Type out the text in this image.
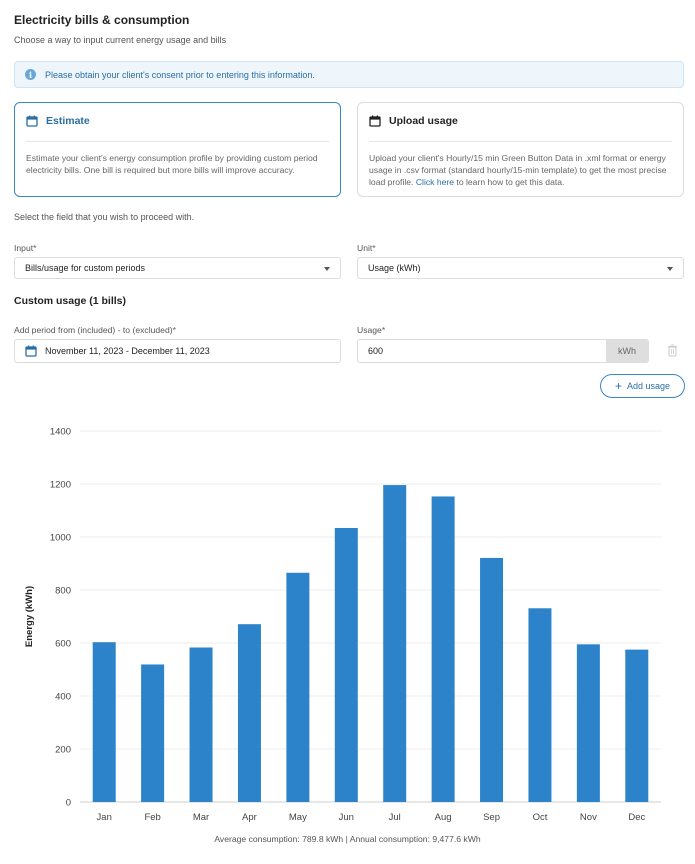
Electricity bills & consumption
Choose a way to input current energy usage and bills
i	Please obtain your client's consent prior to entering this information.
Estimate
Estimate your client's energy consumption profile by providing custom period electricity bills. One bill is required but more bills will improve accuracy.
Upload usage
Upload your client's Hourly/15 min Green Button Data in .xml format or energy usage in .csv format (standard hourly/15-min template) to get the most precise load profile. Click here to learn how to get this data.
Select the field that you wish to proceed with.
Input*
Bills/usage for custom periods
Unit*
Usage (kWh)
Custom usage (1 bills)
Add period from (included) - to (excluded)*
November 11, 2023 - December 11, 2023
Usage*
600	kWh
+ Add usage
0
200
400
600
800
1000
1200
1400
Jan	Feb	Mar	Apr	May	Jun	Jul	Aug	Sep	Oct	Nov	Dec
Energy (kWh)
Average consumption: 789.8 kWh | Annual consumption: 9,477.6 kWh
